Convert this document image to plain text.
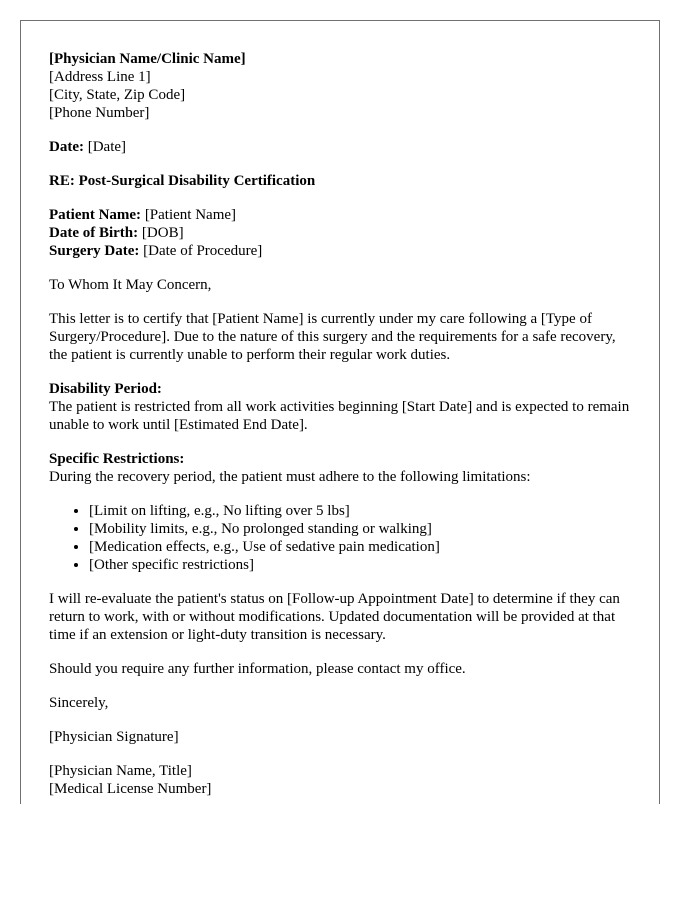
[Physician Name/Clinic Name]
[Address Line 1]
[City, State, Zip Code]
[Phone Number]

Date: [Date]

RE: Post-Surgical Disability Certification

Patient Name: [Patient Name]
Date of Birth: [DOB]
Surgery Date: [Date of Procedure]

To Whom It May Concern,

This letter is to certify that [Patient Name] is currently under my care following a [Type of Surgery/Procedure]. Due to the nature of this surgery and the requirements for a safe recovery, the patient is currently unable to perform their regular work duties.

Disability Period:
The patient is restricted from all work activities beginning [Start Date] and is expected to remain unable to work until [Estimated End Date].

Specific Restrictions:
During the recovery period, the patient must adhere to the following limitations:

• [Limit on lifting, e.g., No lifting over 5 lbs]
• [Mobility limits, e.g., No prolonged standing or walking]
• [Medication effects, e.g., Use of sedative pain medication]
• [Other specific restrictions]

I will re-evaluate the patient's status on [Follow-up Appointment Date] to determine if they can return to work, with or without modifications. Updated documentation will be provided at that time if an extension or light-duty transition is necessary.

Should you require any further information, please contact my office.

Sincerely,

[Physician Signature]

[Physician Name, Title]
[Medical License Number]
